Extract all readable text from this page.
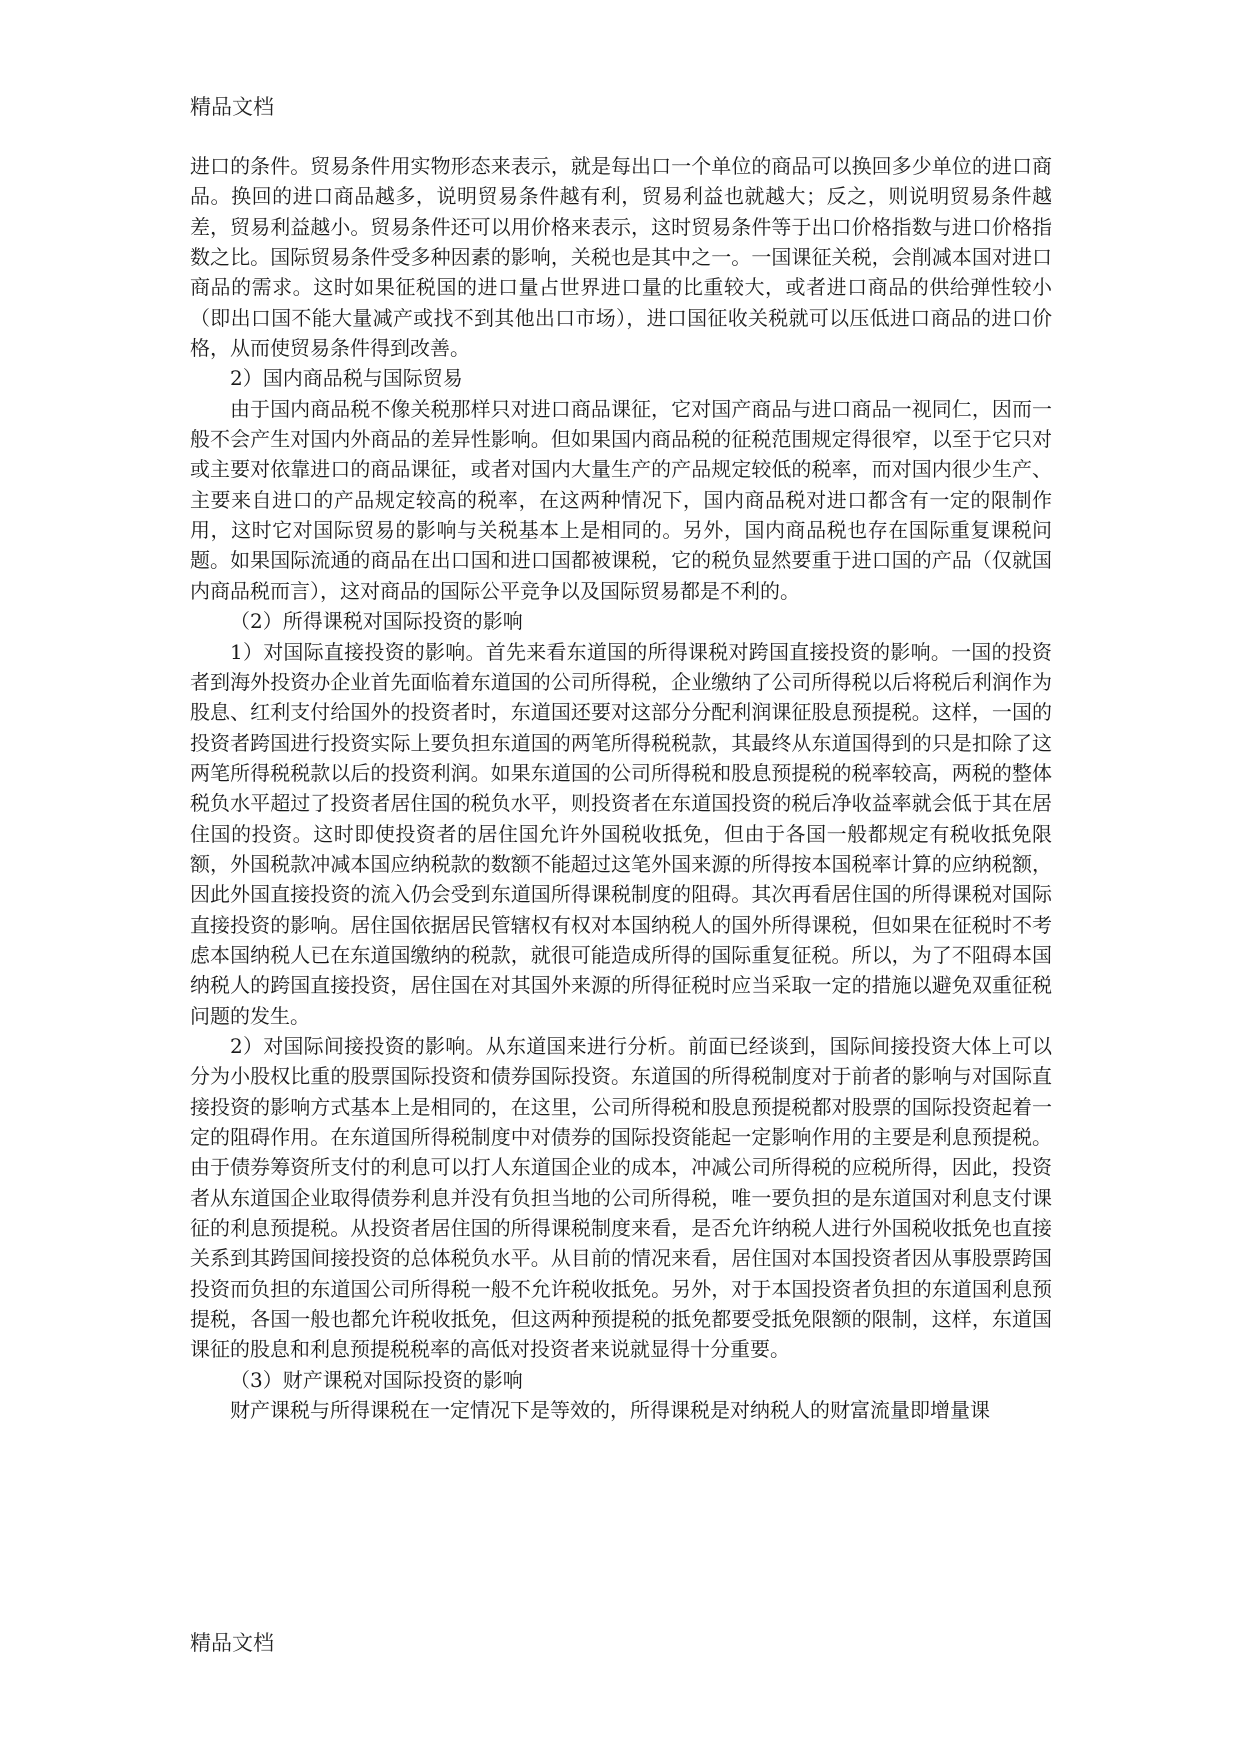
精品文档

进口的条件。贸易条件用实物形态来表示，就是每出口一个单位的商品可以换回多少单位的进口商品。换回的进口商品越多，说明贸易条件越有利，贸易利益也就越大；反之，则说明贸易条件越差，贸易利益越小。贸易条件还可以用价格来表示，这时贸易条件等于出口价格指数与进口价格指数之比。国际贸易条件受多种因素的影响，关税也是其中之一。一国课征关税，会削减本国对进口商品的需求。这时如果征税国的进口量占世界进口量的比重较大，或者进口商品的供给弹性较小（即出口国不能大量减产或找不到其他出口市场），进口国征收关税就可以压低进口商品的进口价格，从而使贸易条件得到改善。

2）国内商品税与国际贸易

由于国内商品税不像关税那样只对进口商品课征，它对国产商品与进口商品一视同仁，因而一般不会产生对国内外商品的差异性影响。但如果国内商品税的征税范围规定得很窄，以至于它只对或主要对依靠进口的商品课征，或者对国内大量生产的产品规定较低的税率，而对国内很少生产、主要来自进口的产品规定较高的税率，在这两种情况下，国内商品税对进口都含有一定的限制作用，这时它对国际贸易的影响与关税基本上是相同的。另外，国内商品税也存在国际重复课税问题。如果国际流通的商品在出口国和进口国都被课税，它的税负显然要重于进口国的产品（仅就国内商品税而言），这对商品的国际公平竞争以及国际贸易都是不利的。

（2）所得课税对国际投资的影响

1）对国际直接投资的影响。首先来看东道国的所得课税对跨国直接投资的影响。一国的投资者到海外投资办企业首先面临着东道国的公司所得税，企业缴纳了公司所得税以后将税后利润作为股息、红利支付给国外的投资者时，东道国还要对这部分分配利润课征股息预提税。这样，一国的投资者跨国进行投资实际上要负担东道国的两笔所得税税款，其最终从东道国得到的只是扣除了这两笔所得税税款以后的投资利润。如果东道国的公司所得税和股息预提税的税率较高，两税的整体税负水平超过了投资者居住国的税负水平，则投资者在东道国投资的税后净收益率就会低于其在居住国的投资。这时即使投资者的居住国允许外国税收抵免，但由于各国一般都规定有税收抵免限额，外国税款冲减本国应纳税款的数额不能超过这笔外国来源的所得按本国税率计算的应纳税额，因此外国直接投资的流入仍会受到东道国所得课税制度的阻碍。其次再看居住国的所得课税对国际直接投资的影响。居住国依据居民管辖权有权对本国纳税人的国外所得课税，但如果在征税时不考虑本国纳税人已在东道国缴纳的税款，就很可能造成所得的国际重复征税。所以，为了不阻碍本国纳税人的跨国直接投资，居住国在对其国外来源的所得征税时应当采取一定的措施以避免双重征税问题的发生。

2）对国际间接投资的影响。从东道国来进行分析。前面已经谈到，国际间接投资大体上可以分为小股权比重的股票国际投资和债券国际投资。东道国的所得税制度对于前者的影响与对国际直接投资的影响方式基本上是相同的，在这里，公司所得税和股息预提税都对股票的国际投资起着一定的阻碍作用。在东道国所得税制度中对债券的国际投资能起一定影响作用的主要是利息预提税。由于债券筹资所支付的利息可以打人东道国企业的成本，冲减公司所得税的应税所得，因此，投资者从东道国企业取得债券利息并没有负担当地的公司所得税，唯一要负担的是东道国对利息支付课征的利息预提税。从投资者居住国的所得课税制度来看，是否允许纳税人进行外国税收抵免也直接关系到其跨国间接投资的总体税负水平。从目前的情况来看，居住国对本国投资者因从事股票跨国投资而负担的东道国公司所得税一般不允许税收抵免。另外，对于本国投资者负担的东道国利息预提税，各国一般也都允许税收抵免，但这两种预提税的抵免都要受抵免限额的限制，这样，东道国课征的股息和利息预提税税率的高低对投资者来说就显得十分重要。

（3）财产课税对国际投资的影响

财产课税与所得课税在一定情况下是等效的，所得课税是对纳税人的财富流量即增量课

精品文档
